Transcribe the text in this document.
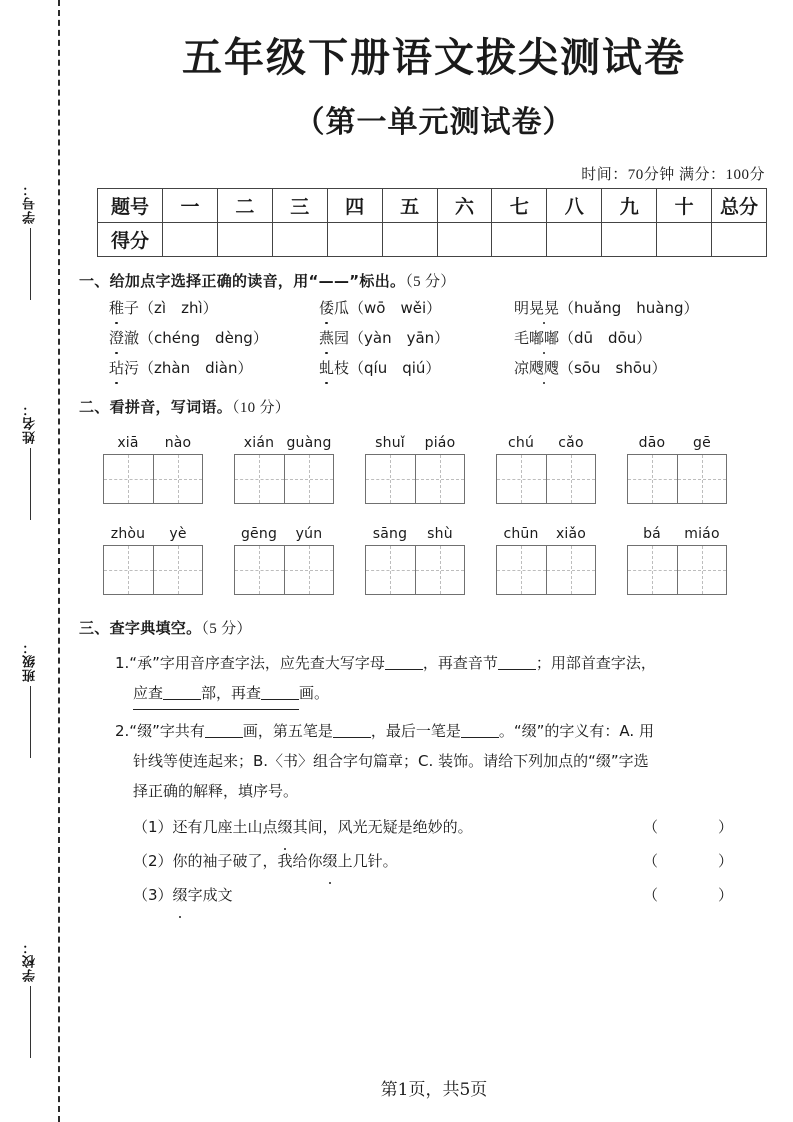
学号：
姓名：
班级：
学校：
五年级下册语文拔尖测试卷
（第一单元测试卷）
时间：70分钟 满分：100分
题号	一	二	三	四	五	六	七	八	九	十	总分
得分											
一、给加点字选择正确的读音，用“——”标出。（5 分）
稚子（zì　zhì）	倭瓜（wō　wěi）	明晃晃（huǎng　huàng）
澄澈（chéng　dèng）	燕园（yàn　yān）	毛嘟嘟（dū　dōu）
玷污（zhàn　diàn）	虬枝（qíu　qiú）	凉飕飕（sōu　shōu）
二、看拼音，写词语。（10 分）
xiā	nào	xián guàng	shuǐ	piáo	chú	cǎo	dāo	gē
zhòu	yè	gēng	yún	sāng	shù	chūn	xiǎo	bá	miáo
三、查字典填空。（5 分）
1.“承”字用音序查字法，应先查大写字母	，再查音节	；用部首查字法，
应查	部，再查	画。
2.“缀”字共有	画，第五笔是	，最后一笔是	。“缀”的字义有：A. 用
针线等使连起来；B.〈书〉组合字句篇章；C. 装饰。请给下列加点的“缀”字选
择正确的解释，填序号。
（1）还有几座土山点缀其间，风光无疑是绝妙的。	（　　）
（2）你的袖子破了，我给你缀上几针。	（　　）
（3）缀字成文	（　　）
第1页，共5页
